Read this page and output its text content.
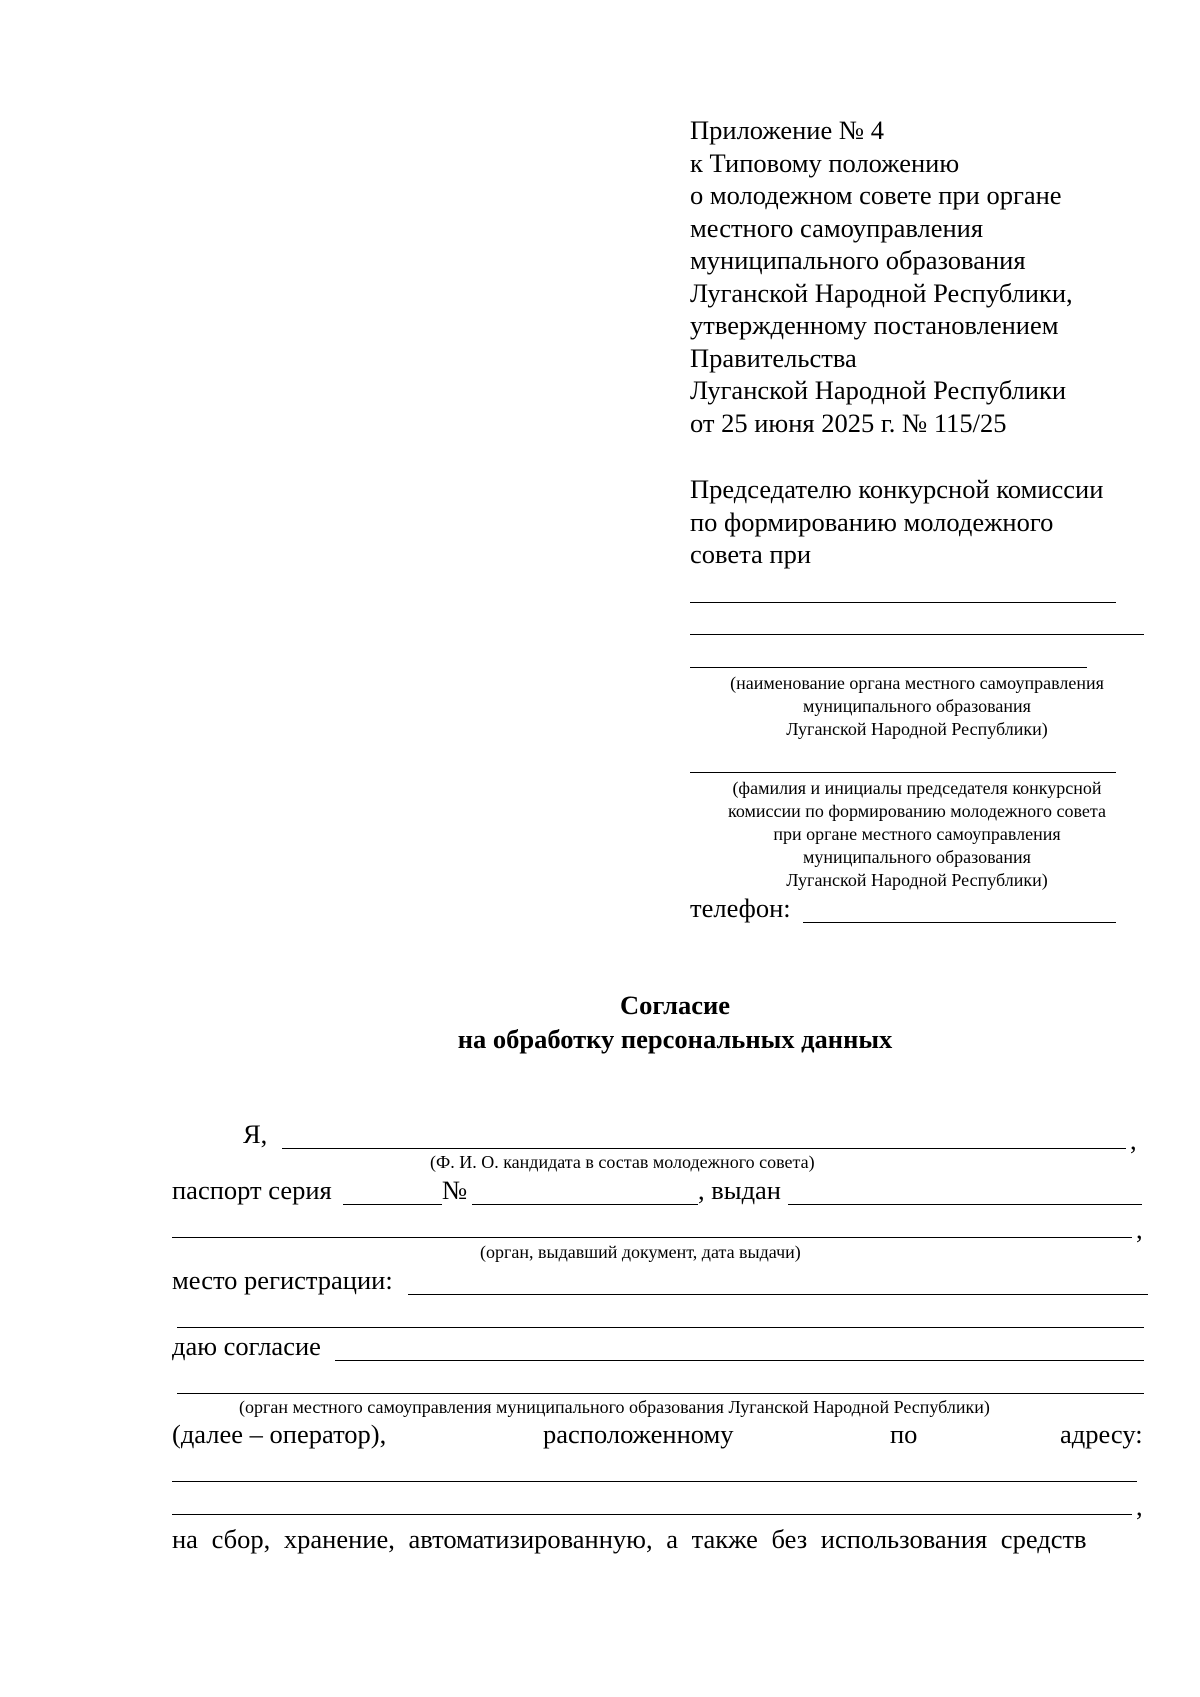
Приложение № 4
к Типовому положению
о молодежном совете при органе
местного самоуправления
муниципального образования
Луганской Народной Республики,
утвержденному постановлением
Правительства
Луганской Народной Республики
от 25 июня 2025 г. № 115/25
Председателю конкурсной комиссии
по формированию молодежного
совета при
(наименование органа местного самоуправления
муниципального образования
Луганской Народной Республики)
(фамилия и инициалы председателя конкурсной
комиссии по формированию молодежного совета
при органе местного самоуправления
муниципального образования
Луганской Народной Республики)
телефон:
Согласие
на обработку персональных данных
Я,	,
(Ф. И. О. кандидата в состав молодежного совета)
паспорт серия	№	, выдан
,
(орган, выдавший документ, дата выдачи)
место регистрации:
даю согласие
(орган местного самоуправления муниципального образования Луганской Народной Республики)
(далее – оператор),	расположенному	по	адресу:
,
на сбор, хранение, автоматизированную, а также без использования средств
